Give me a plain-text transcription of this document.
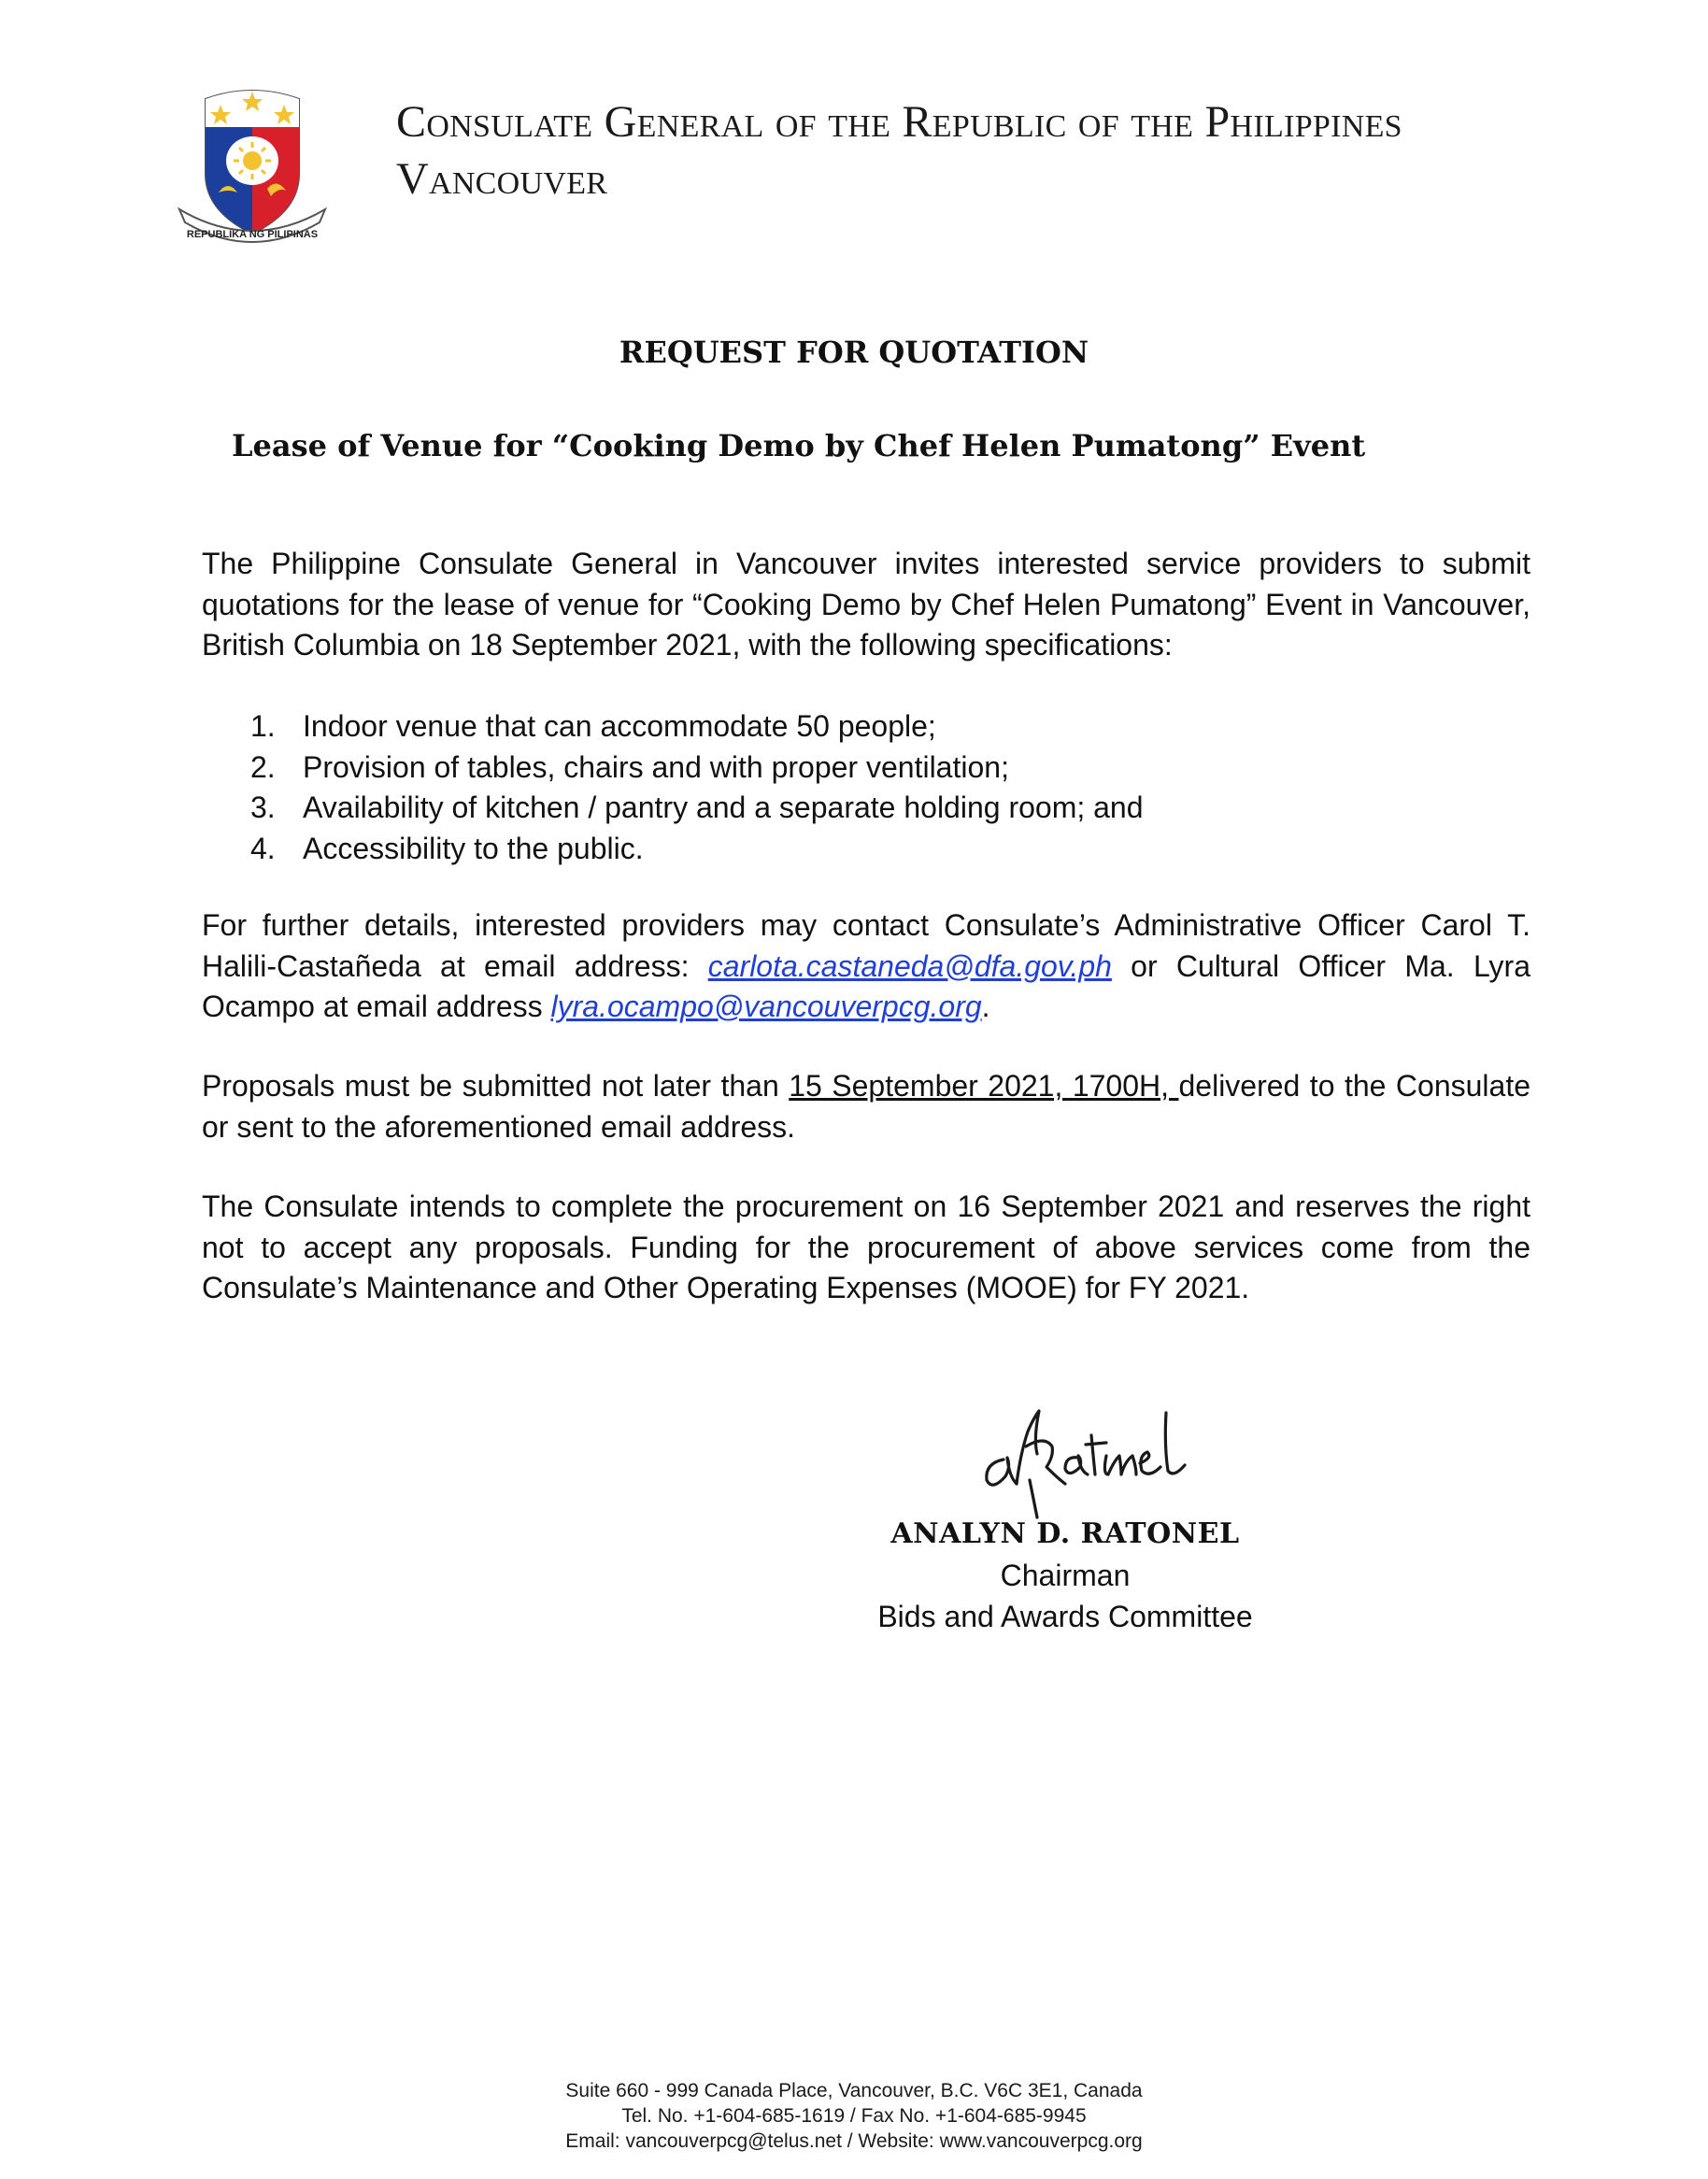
REPUBLIKA NG PILIPINAS
Consulate General of the Republic of the Philippines
Vancouver
REQUEST FOR QUOTATION
Lease of Venue for “Cooking Demo by Chef Helen Pumatong” Event
The Philippine Consulate General in Vancouver invites interested service providers to submit quotations for the lease of venue for “Cooking Demo by Chef Helen Pumatong” Event in Vancouver, British Columbia on 18 September 2021, with the following specifications:
1. Indoor venue that can accommodate 50 people;
2. Provision of tables, chairs and with proper ventilation;
3. Availability of kitchen / pantry and a separate holding room; and
4. Accessibility to the public.
For further details, interested providers may contact Consulate’s Administrative Officer Carol T. Halili-Castañeda at email address: carlota.castaneda@dfa.gov.ph or Cultural Officer Ma. Lyra Ocampo at email address lyra.ocampo@vancouverpcg.org.
Proposals must be submitted not later than 15 September 2021, 1700H, delivered to the Consulate or sent to the aforementioned email address.
The Consulate intends to complete the procurement on 16 September 2021 and reserves the right not to accept any proposals. Funding for the procurement of above services come from the Consulate’s Maintenance and Other Operating Expenses (MOOE) for FY 2021.
ANALYN D. RATONEL
Chairman
Bids and Awards Committee
Suite 660 - 999 Canada Place, Vancouver, B.C. V6C 3E1, Canada
Tel. No. +1-604-685-1619 / Fax No. +1-604-685-9945
Email: vancouverpcg@telus.net / Website: www.vancouverpcg.org
